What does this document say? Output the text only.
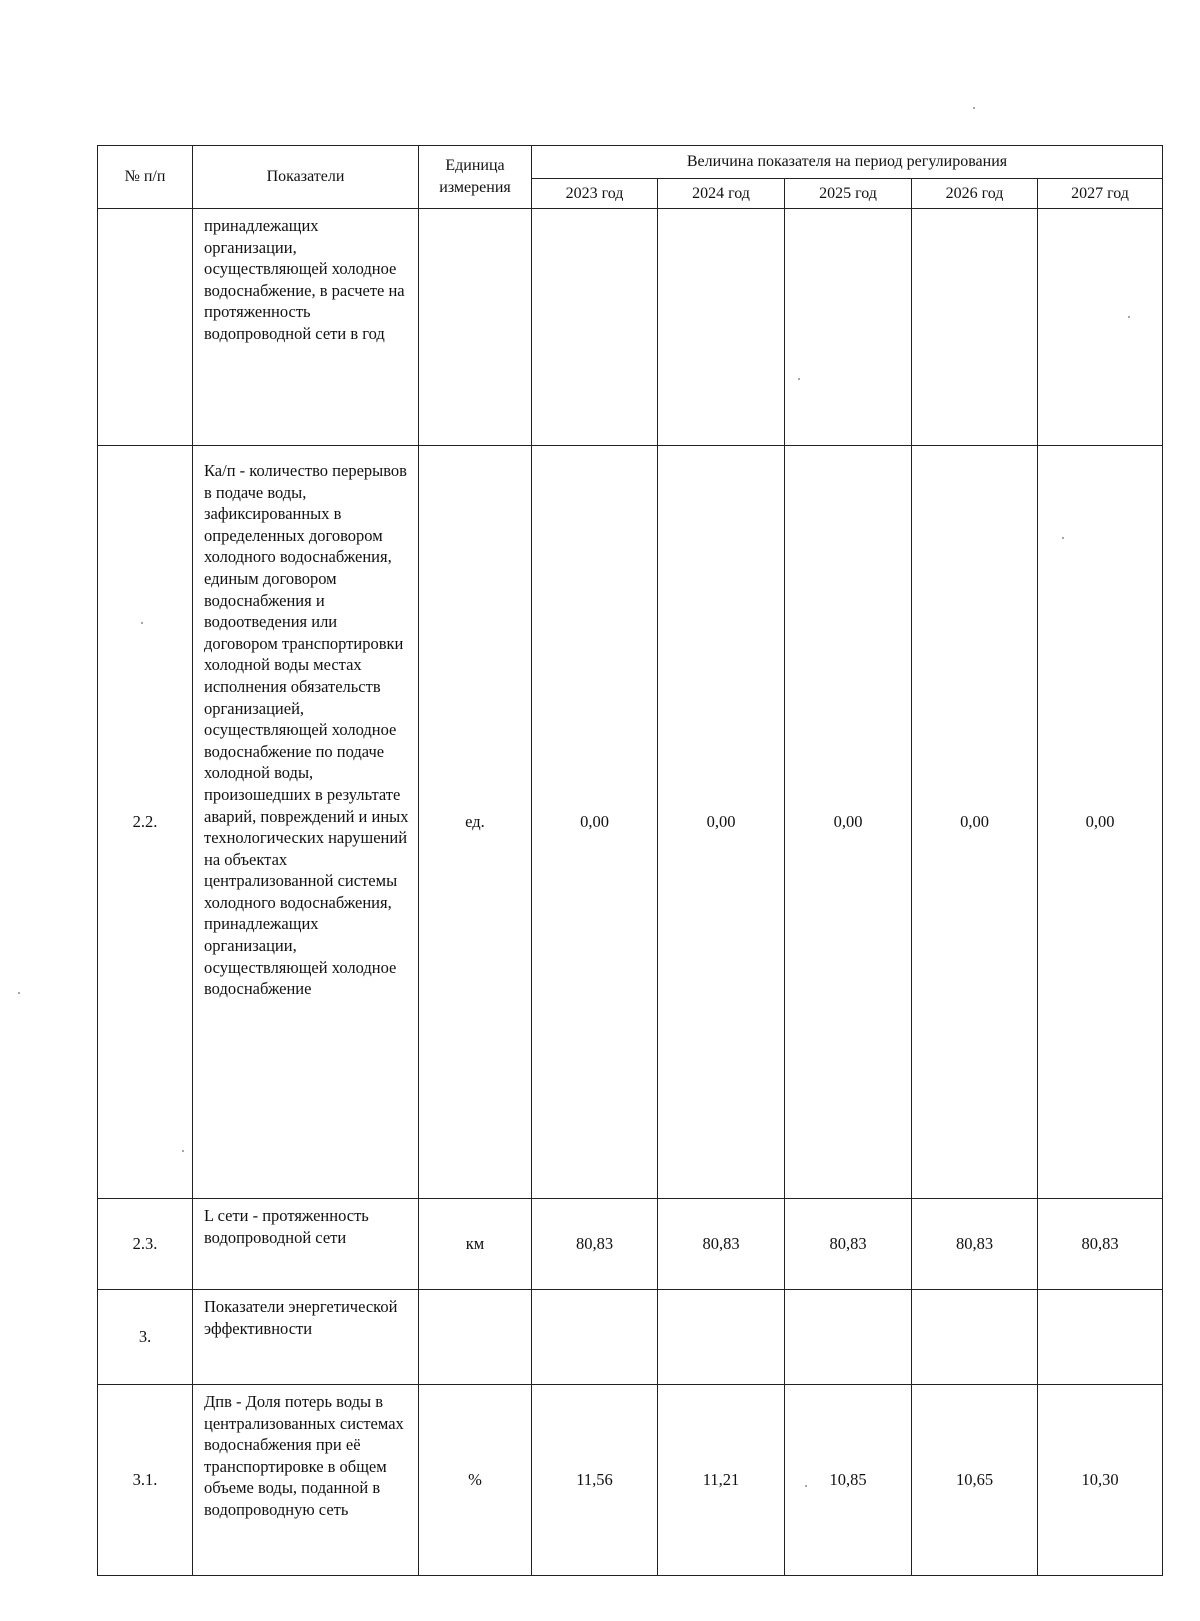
№ п/п	Показатели	Единица измерения	Величина показателя на период регулирования				
			2023 год	2024 год	2025 год	2026 год	2027 год
	принадлежащих организации, осуществляющей холодное водоснабжение, в расчете на протяженность водопроводной сети в год						
2.2.	Ка/п - количество перерывов в подаче воды, зафиксированных в определенных договором холодного водоснабжения, единым договором водоснабжения и водоотведения или договором транспортировки холодной воды местах исполнения обязательств организацией, осуществляющей холодное водоснабжение по подаче холодной воды, произошедших в результате аварий, повреждений и иных технологических нарушений на объектах централизованной системы холодного водоснабжения, принадлежащих организации, осуществляющей холодное водоснабжение	ед.	0,00	0,00	0,00	0,00	0,00
2.3.	L сети - протяженность водопроводной сети	км	80,83	80,83	80,83	80,83	80,83
3.	Показатели энергетической эффективности						
3.1.	Дпв - Доля потерь воды в централизованных системах водоснабжения при её транспортировке в общем объеме воды, поданной в водопроводную сеть	%	11,56	11,21	10,85	10,65	10,30
